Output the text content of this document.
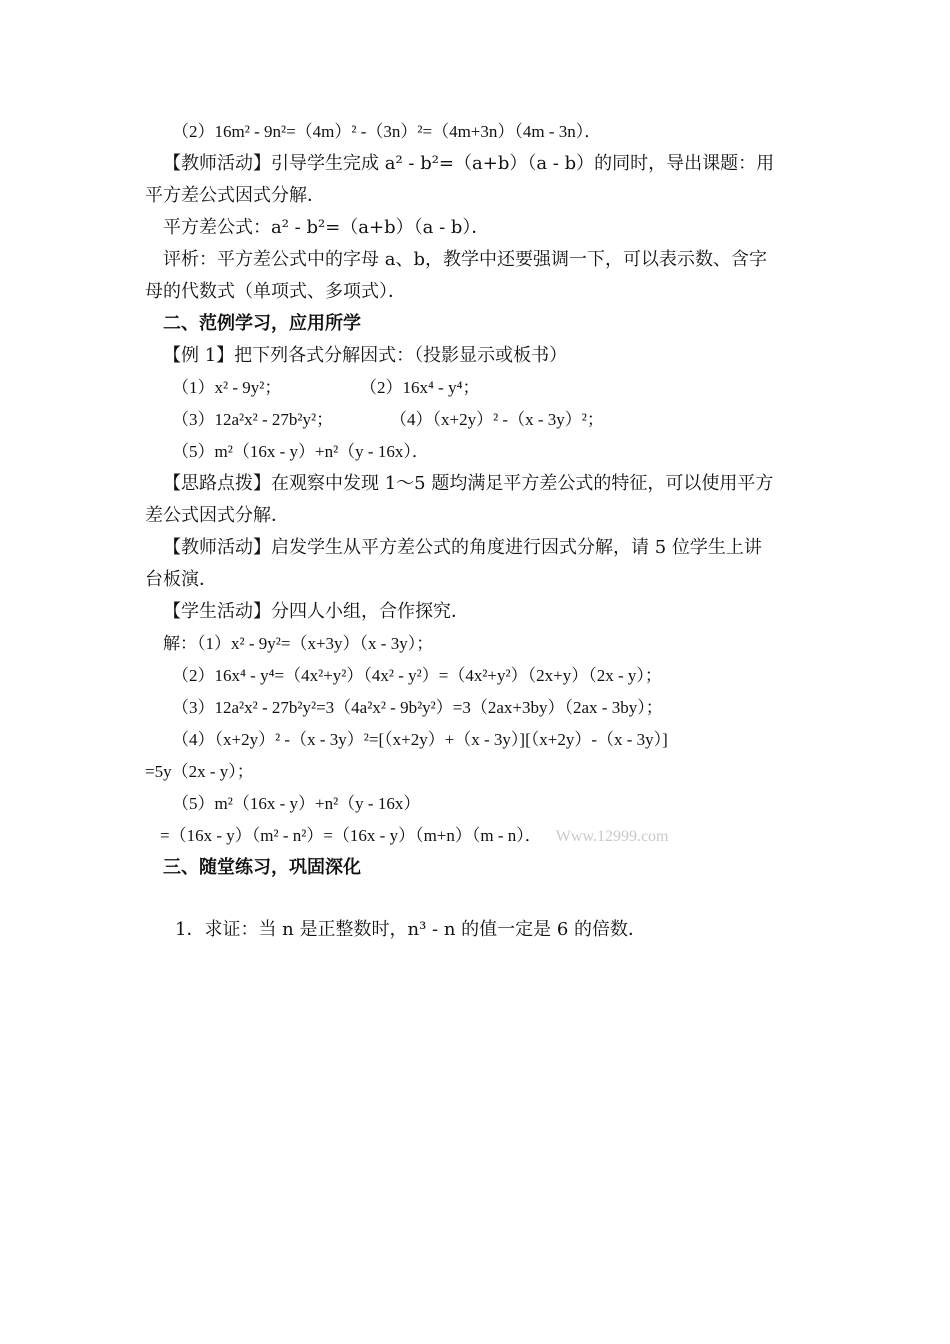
（2）16m² - 9n²=（4m）² -（3n）²=（4m+3n）（4m - 3n）．
【教师活动】引导学生完成 a² - b²=（a+b）（a - b）的同时，导出课题：用
平方差公式因式分解．
平方差公式：a² - b²=（a+b）（a - b）．
评析：平方差公式中的字母 a、b，教学中还要强调一下，可以表示数、含字
母的代数式（单项式、多项式）．
二、范例学习，应用所学
【例 1】把下列各式分解因式：（投影显示或板书）
（1）x² - 9y²；	（2）16x⁴ - y⁴；
（3）12a²x² - 27b²y²；	（4）（x+2y）² -（x - 3y）²；
（5）m²（16x - y）+n²（y - 16x）．
【思路点拨】在观察中发现 1～5 题均满足平方差公式的特征，可以使用平方
差公式因式分解．
【教师活动】启发学生从平方差公式的角度进行因式分解，请 5 位学生上讲
台板演．
【学生活动】分四人小组，合作探究．
解：（1）x² - 9y²=（x+3y）（x - 3y）；
（2）16x⁴ - y⁴=（4x²+y²）（4x² - y²）=（4x²+y²）（2x+y）（2x - y）；
（3）12a²x² - 27b²y²=3（4a²x² - 9b²y²）=3（2ax+3by）（2ax - 3by）；
（4）（x+2y）² -（x - 3y）²=[（x+2y）+（x - 3y）][（x+2y）-（x - 3y）]
=5y（2x - y）；
（5）m²（16x - y）+n²（y - 16x）
=（16x - y）（m² - n²）=（16x - y）（m+n）（m - n）． Www.12999.com
三、随堂练习，巩固深化
1．求证：当 n 是正整数时，n³ - n 的值一定是 6 的倍数．
